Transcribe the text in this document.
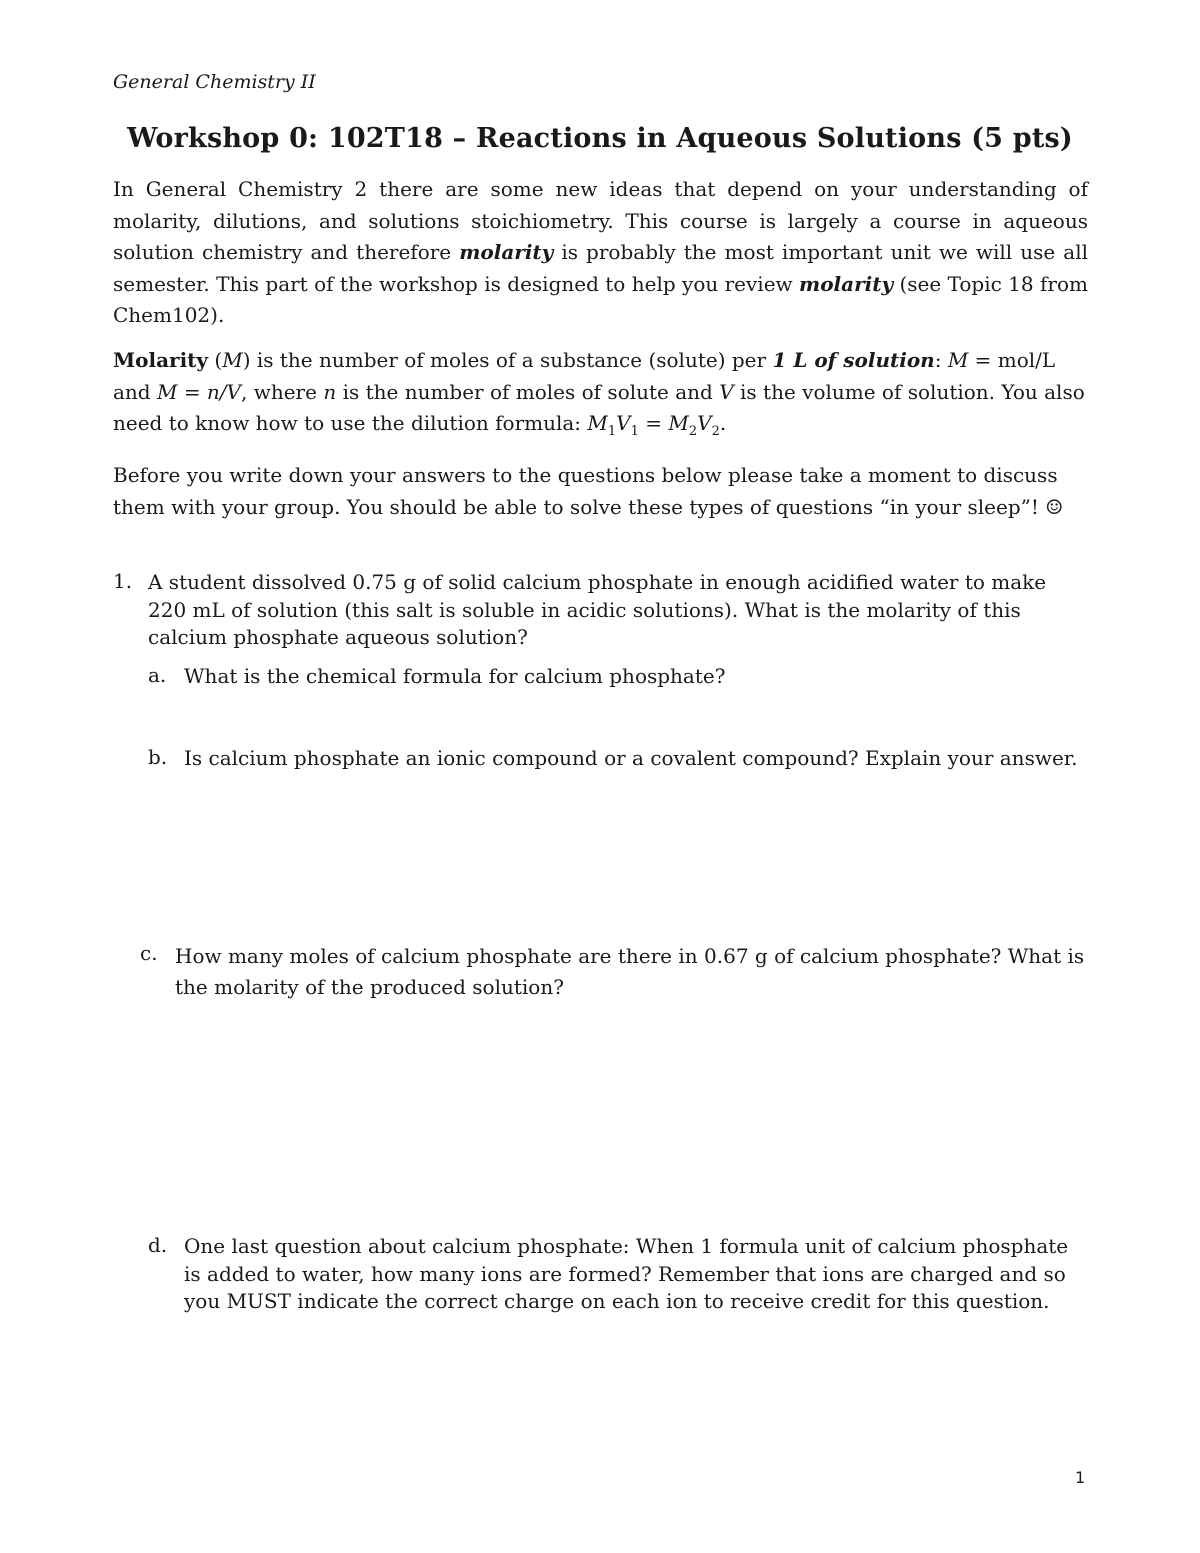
General Chemistry II
Workshop 0: 102T18 – Reactions in Aqueous Solutions (5 pts)

In General Chemistry 2 there are some new ideas that depend on your understanding of molarity, dilutions, and solutions stoichiometry. This course is largely a course in aqueous solution chemistry and therefore molarity is probably the most important unit we will use all semester. This part of the workshop is designed to help you review molarity (see Topic 18 from Chem102).

Molarity (M) is the number of moles of a substance (solute) per 1 L of solution: M = mol/L and M = n/V, where n is the number of moles of solute and V is the volume of solution. You also need to know how to use the dilution formula: $M_1V_1 = M_2V_2$.

Before you write down your answers to the questions below please take a moment to discuss them with your group. You should be able to solve these types of questions “in your sleep”! ☺

1. A student dissolved 0.75 g of solid calcium phosphate in enough acidified water to make 220 mL of solution (this salt is soluble in acidic solutions). What is the molarity of this calcium phosphate aqueous solution?
a. What is the chemical formula for calcium phosphate?
b. Is calcium phosphate an ionic compound or a covalent compound? Explain your answer.
c. How many moles of calcium phosphate are there in 0.67 g of calcium phosphate? What is the molarity of the produced solution?
d. One last question about calcium phosphate: When 1 formula unit of calcium phosphate is added to water, how many ions are formed? Remember that ions are charged and so you MUST indicate the correct charge on each ion to receive credit for this question.
1
